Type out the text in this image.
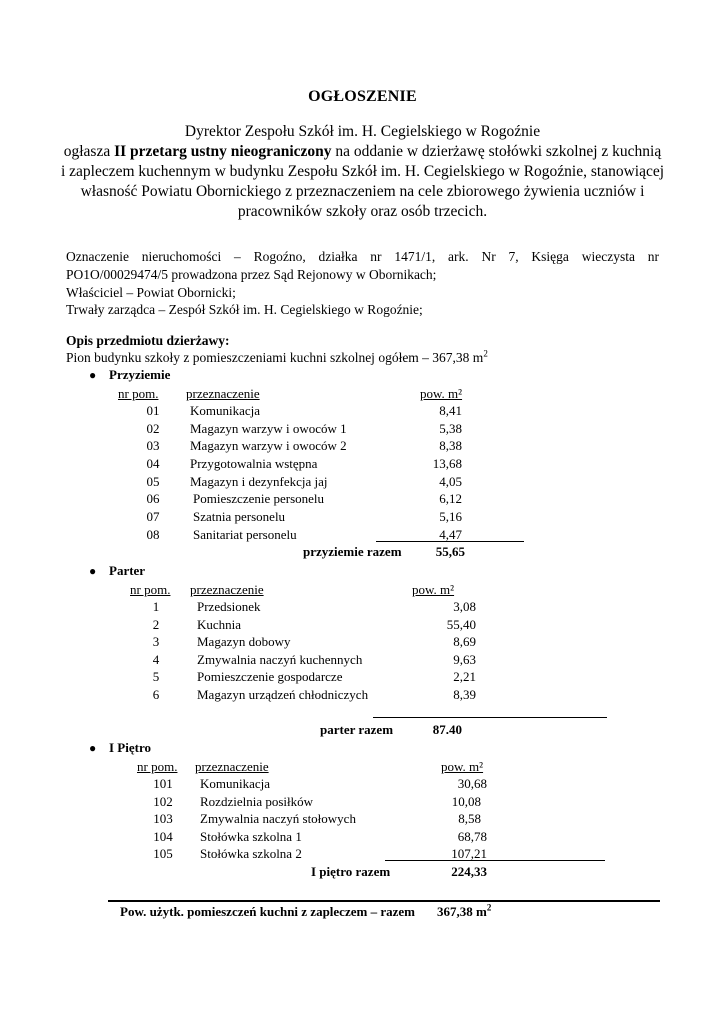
OGŁOSZENIE
Dyrektor Zespołu Szkół im. H. Cegielskiego w Rogoźnie
ogłasza II przetarg ustny nieograniczony na oddanie w dzierżawę stołówki szkolnej z kuchnią i zapleczem kuchennym w budynku Zespołu Szkół im. H. Cegielskiego w Rogoźnie, stanowiącej własność Powiatu Obornickiego z przeznaczeniem na cele zbiorowego żywienia uczniów i pracowników szkoły oraz osób trzecich.
Oznaczenie nieruchomości – Rogoźno, działka nr 1471/1, ark. Nr 7, Księga wieczysta nr
PO1O/00029474/5 prowadzona przez Sąd Rejonowy w Obornikach;
Właściciel – Powiat Obornicki;
Trwały zarządca – Zespół Szkół im. H. Cegielskiego w Rogoźnie;
Opis przedmiotu dzierżawy:
Pion budynku szkoły z pomieszczeniami kuchni szkolnej ogółem – 367,38 $m^2$
● Przyziemie
nr pom. przeznaczenie	pow. m²
01	Komunikacja	8,41
02	Magazyn warzyw i owoców 1	5,38
03	Magazyn warzyw i owoców 2	8,38
04	Przygotowalnia wstępna	13,68
05	Magazyn i dezynfekcja jaj	4,05
06	Pomieszczenie personelu	6,12
07	Szatnia personelu	5,16
08	Sanitariat personelu	4,47
przyziemie razem	55,65
● Parter
nr pom. przeznaczenie	pow. m²
1	Przedsionek	3,08
2	Kuchnia	55,40
3	Magazyn dobowy	8,69
4	Zmywalnia naczyń kuchennych	9,63
5	Pomieszczenie gospodarcze	2,21
6	Magazyn urządzeń chłodniczych	8,39
parter razem	87.40
● I Piętro
nr pom. przeznaczenie	pow. m²
101	Komunikacja	30,68
102	Rozdzielnia posiłków	10,08
103	Zmywalnia naczyń stołowych	8,58
104	Stołówka szkolna 1	68,78
105	Stołówka szkolna 2	107,21
I piętro razem	224,33
Pow. użytk. pomieszczeń kuchni z zapleczem – razem 367,38 $m^2$
